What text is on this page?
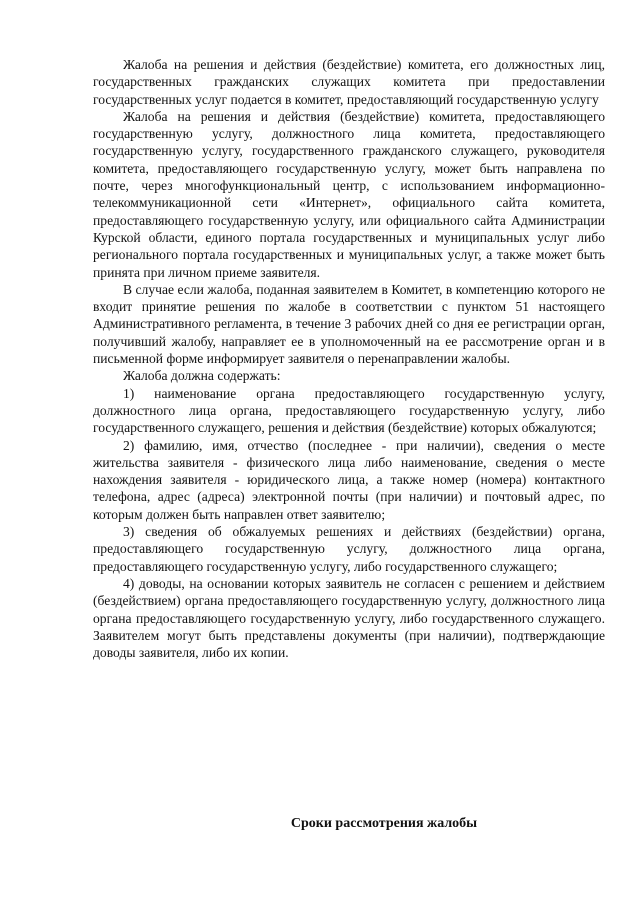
Жалоба на решения и действия (бездействие) комитета, его должностных лиц, государственных гражданских служащих комитета при предоставлении государственных услуг подается в комитет, предоставляющий государственную услугу

Жалоба на решения и действия (бездействие) комитета, предоставляющего государственную услугу, должностного лица комитета, предоставляющего государственную услугу, государственного гражданского служащего, руководителя комитета, предоставляющего государственную услугу, может быть направлена по почте, через многофункциональный центр, с использованием информационно-телекоммуникационной сети «Интернет», официального сайта комитета, предоставляющего государственную услугу, или официального сайта Администрации Курской области, единого портала государственных и муниципальных услуг либо регионального портала государственных и муниципальных услуг, а также может быть принята при личном приеме заявителя.

В случае если жалоба, поданная заявителем в Комитет, в компетенцию которого не входит принятие решения по жалобе в соответствии с пунктом 51 настоящего Административного регламента, в течение 3 рабочих дней со дня ее регистрации орган, получивший жалобу, направляет ее в уполномоченный на ее рассмотрение орган и в письменной форме информирует заявителя о перенаправлении жалобы.

Жалоба должна содержать:

1) наименование органа предоставляющего государственную услугу, должностного лица органа, предоставляющего государственную услугу, либо государственного служащего, решения и действия (бездействие) которых обжалуются;

2) фамилию, имя, отчество (последнее - при наличии), сведения о месте жительства заявителя - физического лица либо наименование, сведения о месте нахождения заявителя - юридического лица, а также номер (номера) контактного телефона, адрес (адреса) электронной почты (при наличии) и почтовый адрес, по которым должен быть направлен ответ заявителю;

3) сведения об обжалуемых решениях и действиях (бездействии) органа, предоставляющего государственную услугу, должностного лица органа, предоставляющего государственную услугу, либо государственного служащего;

4) доводы, на основании которых заявитель не согласен с решением и действием (бездействием) органа предоставляющего государственную услугу, должностного лица органа предоставляющего государственную услугу, либо государственного служащего. Заявителем могут быть представлены документы (при наличии), подтверждающие доводы заявителя, либо их копии.

Сроки рассмотрения жалобы
